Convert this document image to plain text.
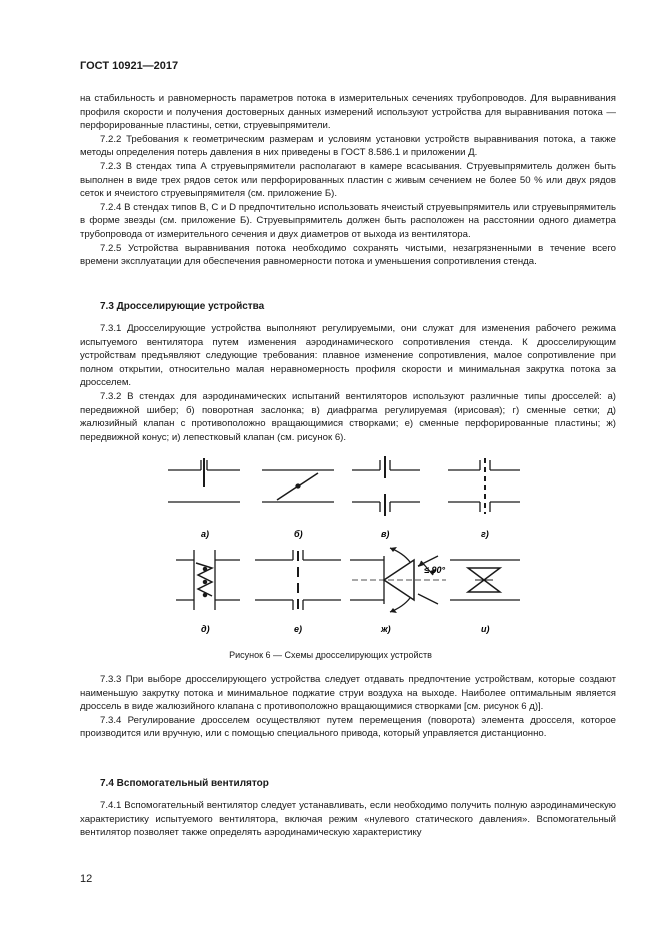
ГОСТ 10921—2017

на стабильность и равномерность параметров потока в измерительных сечениях трубопроводов. Для выравнивания профиля скорости и получения достоверных данных измерений используют устройства для выравнивания потока — перфорированные пластины, сетки, струевыпрямители.

7.2.2 Требования к геометрическим размерам и условиям установки устройств выравнивания потока, а также методы определения потерь давления в них приведены в ГОСТ 8.586.1 и приложении Д.

7.2.3 В стендах типа А струевыпрямители располагают в камере всасывания. Струевыпрямитель должен быть выполнен в виде трех рядов сеток или перфорированных пластин с живым сечением не более 50 % или двух рядов сеток и ячеистого струевыпрямителя (см. приложение Б).

7.2.4 В стендах типов В, С и D предпочтительно использовать ячеистый струевыпрямитель или струевыпрямитель в форме звезды (см. приложение Б). Струевыпрямитель должен быть расположен на расстоянии одного диаметра трубопровода от измерительного сечения и двух диаметров от выхода из вентилятора.

7.2.5 Устройства выравнивания потока необходимо сохранять чистыми, незагрязненными в течение всего времени эксплуатации для обеспечения равномерности потока и уменьшения сопротивления стенда.

7.3 Дросселирующие устройства

7.3.1 Дросселирующие устройства выполняют регулируемыми, они служат для изменения рабочего режима испытуемого вентилятора путем изменения аэродинамического сопротивления стенда. К дросселирующим устройствам предъявляют следующие требования: плавное изменение сопротивления, малое сопротивление при полном открытии, относительно малая неравномерность профиля скорости и минимальная закрутка потока за дросселем.

7.3.2 В стендах для аэродинамических испытаний вентиляторов используют различные типы дросселей: а) передвижной шибер; б) поворотная заслонка; в) диафрагма регулируемая (ирисовая); г) сменные сетки; д) жалюзийный клапан с противоположно вращающимися створками; е) сменные перфорированные пластины; ж) передвижной конус; и) лепестковый клапан (см. рисунок 6).

≤ 90°
а)	б)	в)	г)
д)	е)	ж)	и)
Рисунок 6 — Схемы дросселирующих устройств

7.3.3 При выборе дросселирующего устройства следует отдавать предпочтение устройствам, которые создают наименьшую закрутку потока и минимальное поджатие струи воздуха на выходе. Наиболее оптимальным является дроссель в виде жалюзийного клапана с противоположно вращающимися створками [см. рисунок 6 д)].

7.3.4 Регулирование дросселем осуществляют путем перемещения (поворота) элемента дросселя, которое производится или вручную, или с помощью специального привода, который управляется дистанционно.

7.4 Вспомогательный вентилятор

7.4.1 Вспомогательный вентилятор следует устанавливать, если необходимо получить полную аэродинамическую характеристику испытуемого вентилятора, включая режим «нулевого статического давления». Вспомогательный вентилятор позволяет также определять аэродинамическую характеристику

12
